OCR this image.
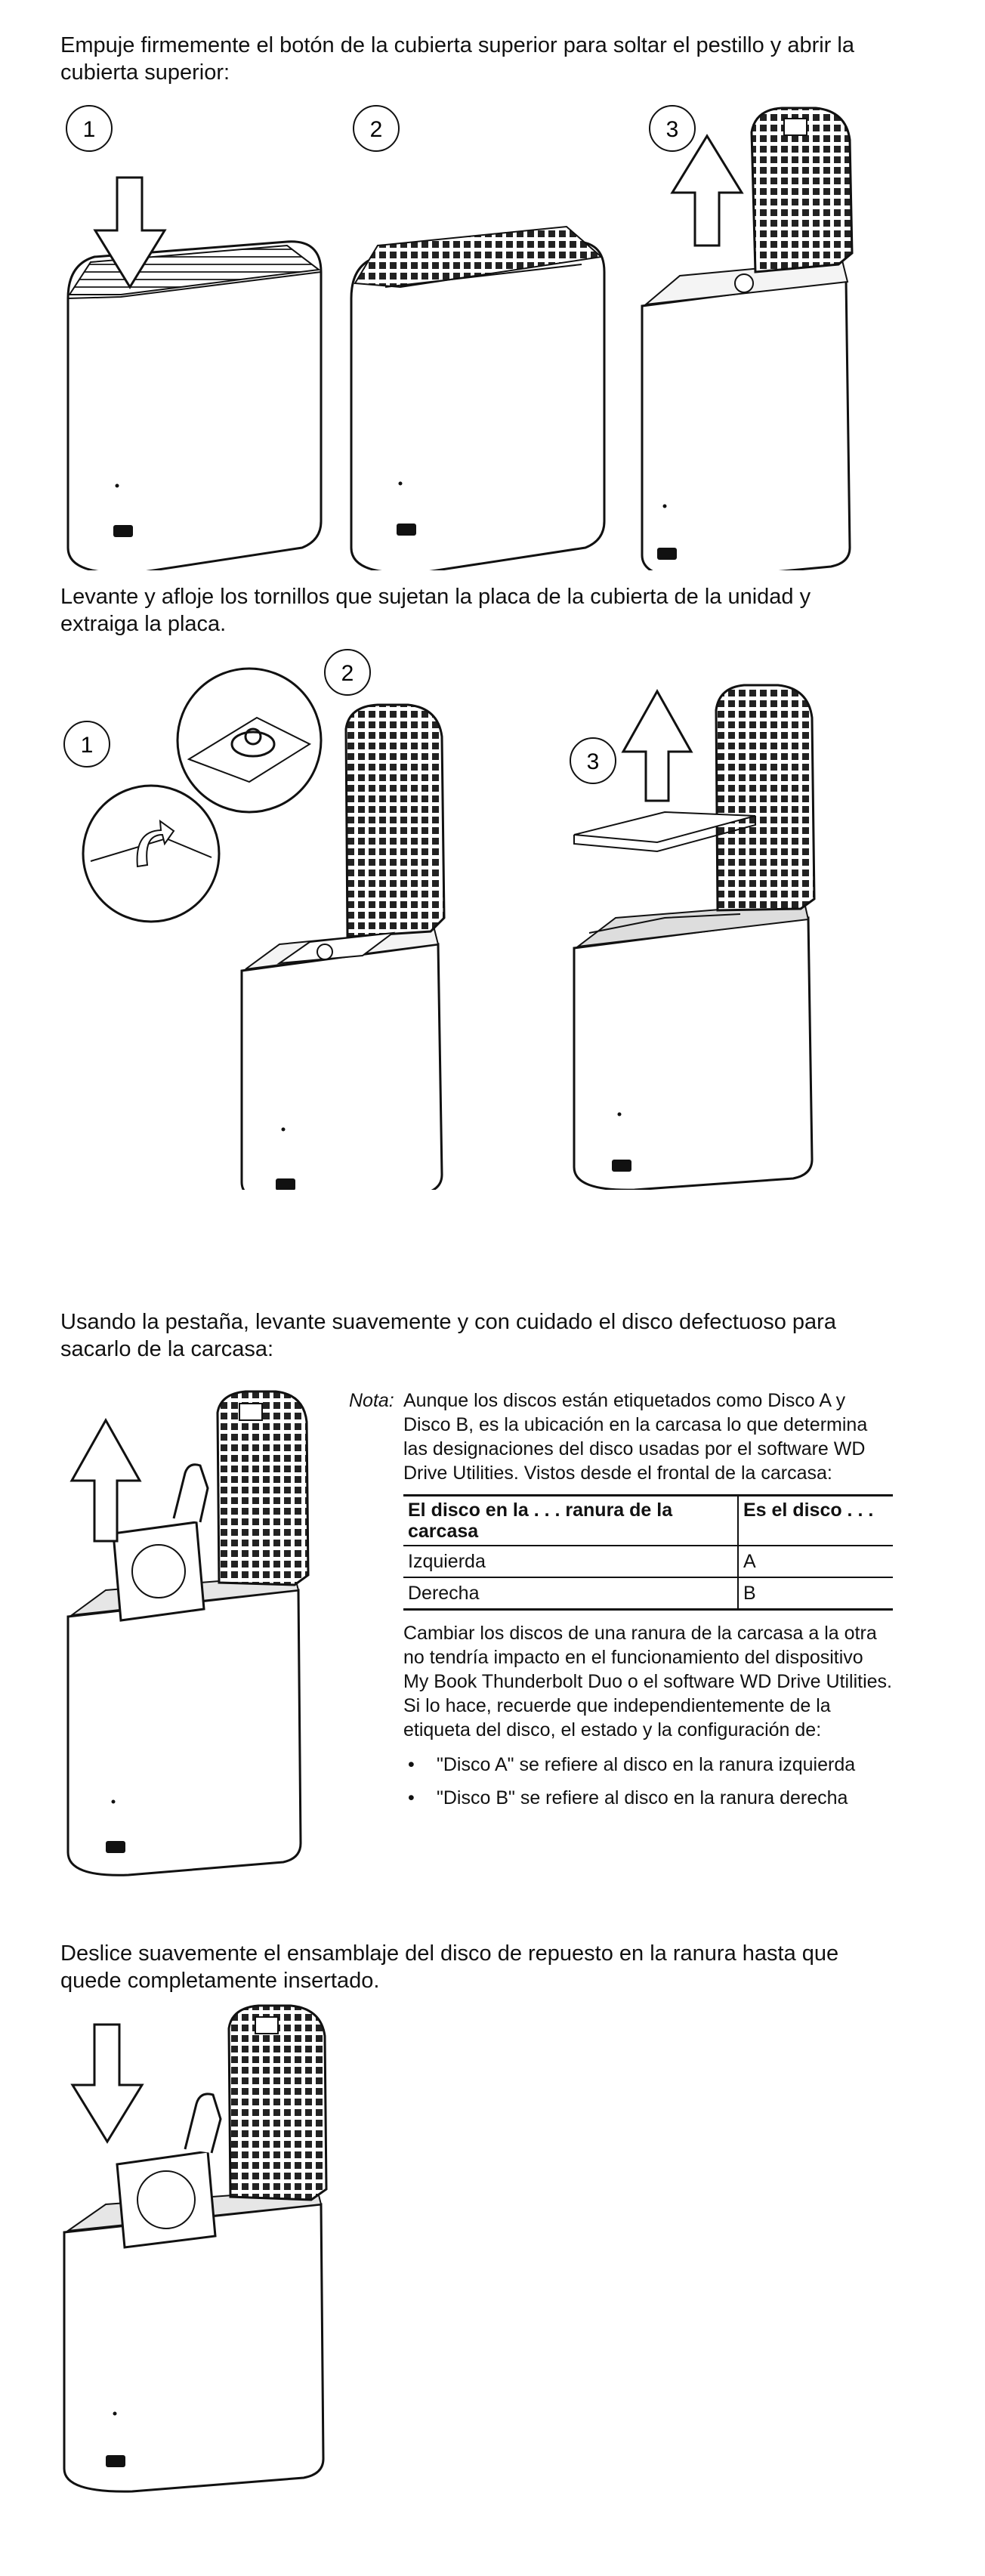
Empuje firmemente el botón de la cubierta superior para soltar el pestillo y abrir la cubierta superior:

1	2	3

Levante y afloje los tornillos que sujetan la placa de la cubierta de la unidad y extraiga la placa.

2
1
3

Usando la pestaña, levante suavemente y con cuidado el disco defectuoso para sacarlo de la carcasa:

Nota: Aunque los discos están etiquetados como Disco A y Disco B, es la ubicación en la carcasa lo que determina las designaciones del disco usadas por el software WD Drive Utilities. Vistos desde el frontal de la carcasa:
El disco en la . . . ranura de la carcasa	Es el disco . . .
Izquierda	A
Derecha	B
Cambiar los discos de una ranura de la carcasa a la otra no tendría impacto en el funcionamiento del dispositivo My Book Thunderbolt Duo o el software WD Drive Utilities. Si lo hace, recuerde que independientemente de la etiqueta del disco, el estado y la configuración de:
• "Disco A" se refiere al disco en la ranura izquierda
• "Disco B" se refiere al disco en la ranura derecha

Deslice suavemente el ensamblaje del disco de repuesto en la ranura hasta que quede completamente insertado.
